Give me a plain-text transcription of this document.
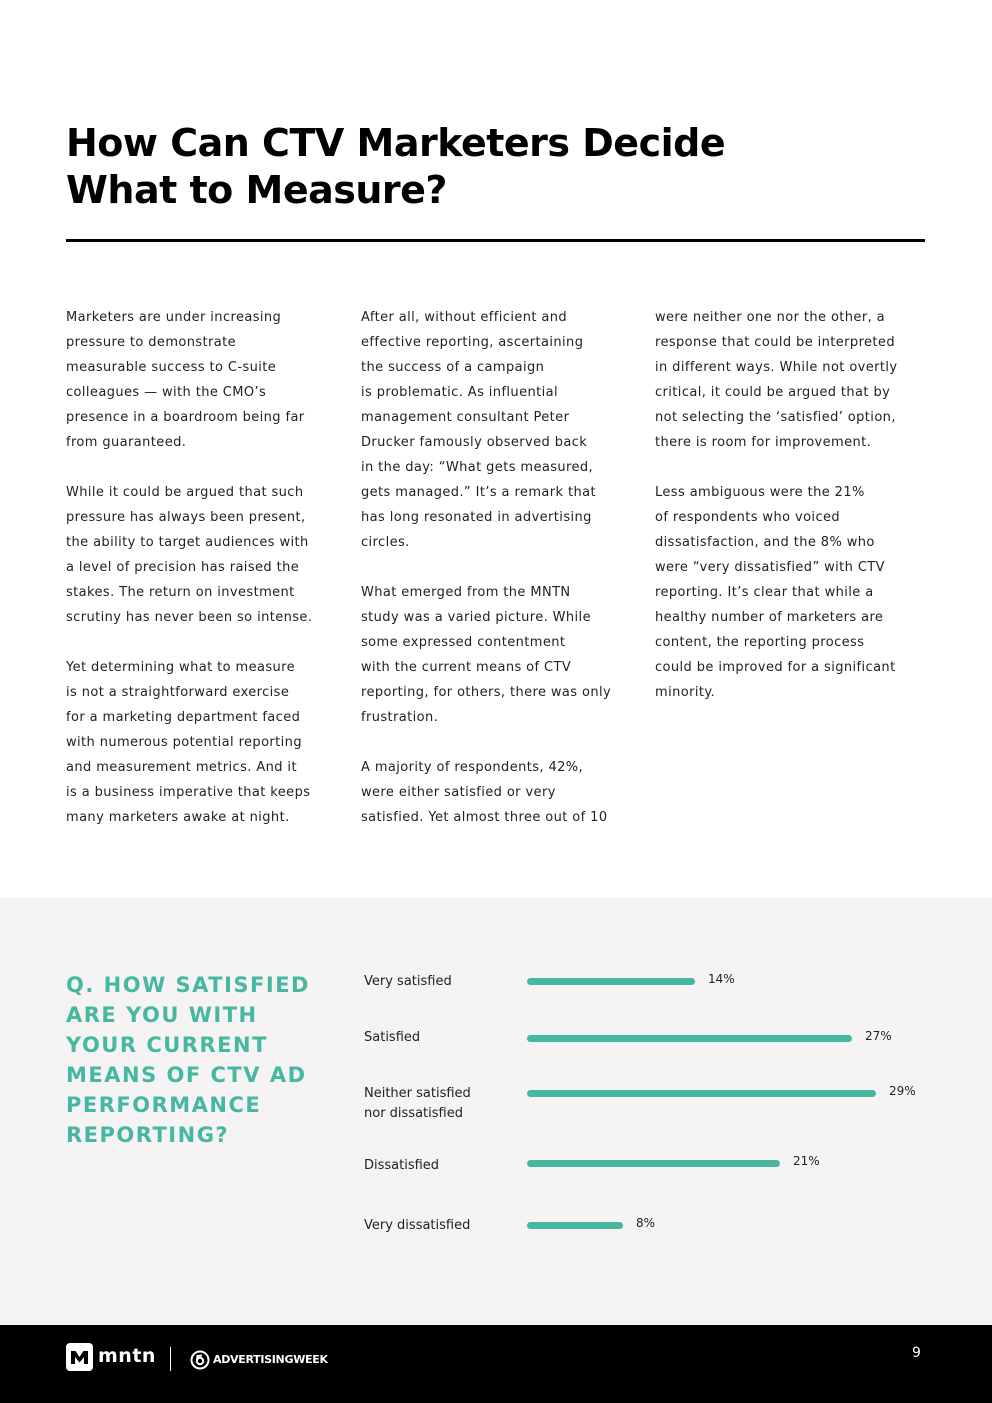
How Can CTV Marketers Decide
What to Measure?

Marketers are under increasing
pressure to demonstrate
measurable success to C-suite
colleagues — with the CMO’s
presence in a boardroom being far
from guaranteed.

While it could be argued that such
pressure has always been present,
the ability to target audiences with
a level of precision has raised the
stakes. The return on investment
scrutiny has never been so intense.

Yet determining what to measure
is not a straightforward exercise
for a marketing department faced
with numerous potential reporting
and measurement metrics. And it
is a business imperative that keeps
many marketers awake at night.

After all, without efficient and
effective reporting, ascertaining
the success of a campaign
is problematic. As influential
management consultant Peter
Drucker famously observed back
in the day: “What gets measured,
gets managed.” It’s a remark that
has long resonated in advertising
circles.

What emerged from the MNTN
study was a varied picture. While
some expressed contentment
with the current means of CTV
reporting, for others, there was only
frustration.

A majority of respondents, 42%,
were either satisfied or very
satisfied. Yet almost three out of 10

were neither one nor the other, a
response that could be interpreted
in different ways. While not overtly
critical, it could be argued that by
not selecting the ‘satisfied’ option,
there is room for improvement.

Less ambiguous were the 21%
of respondents who voiced
dissatisfaction, and the 8% who
were “very dissatisfied” with CTV
reporting. It’s clear that while a
healthy number of marketers are
content, the reporting process
could be improved for a significant
minority.

Q. HOW SATISFIED
ARE YOU WITH
YOUR CURRENT
MEANS OF CTV AD
PERFORMANCE
REPORTING?
Very satisfied	14%
Satisfied	27%
Neither satisfied
nor dissatisfied
29%
Dissatisfied	21%
Very dissatisfied	8%
mntn	ADVERTISINGWEEK	9
